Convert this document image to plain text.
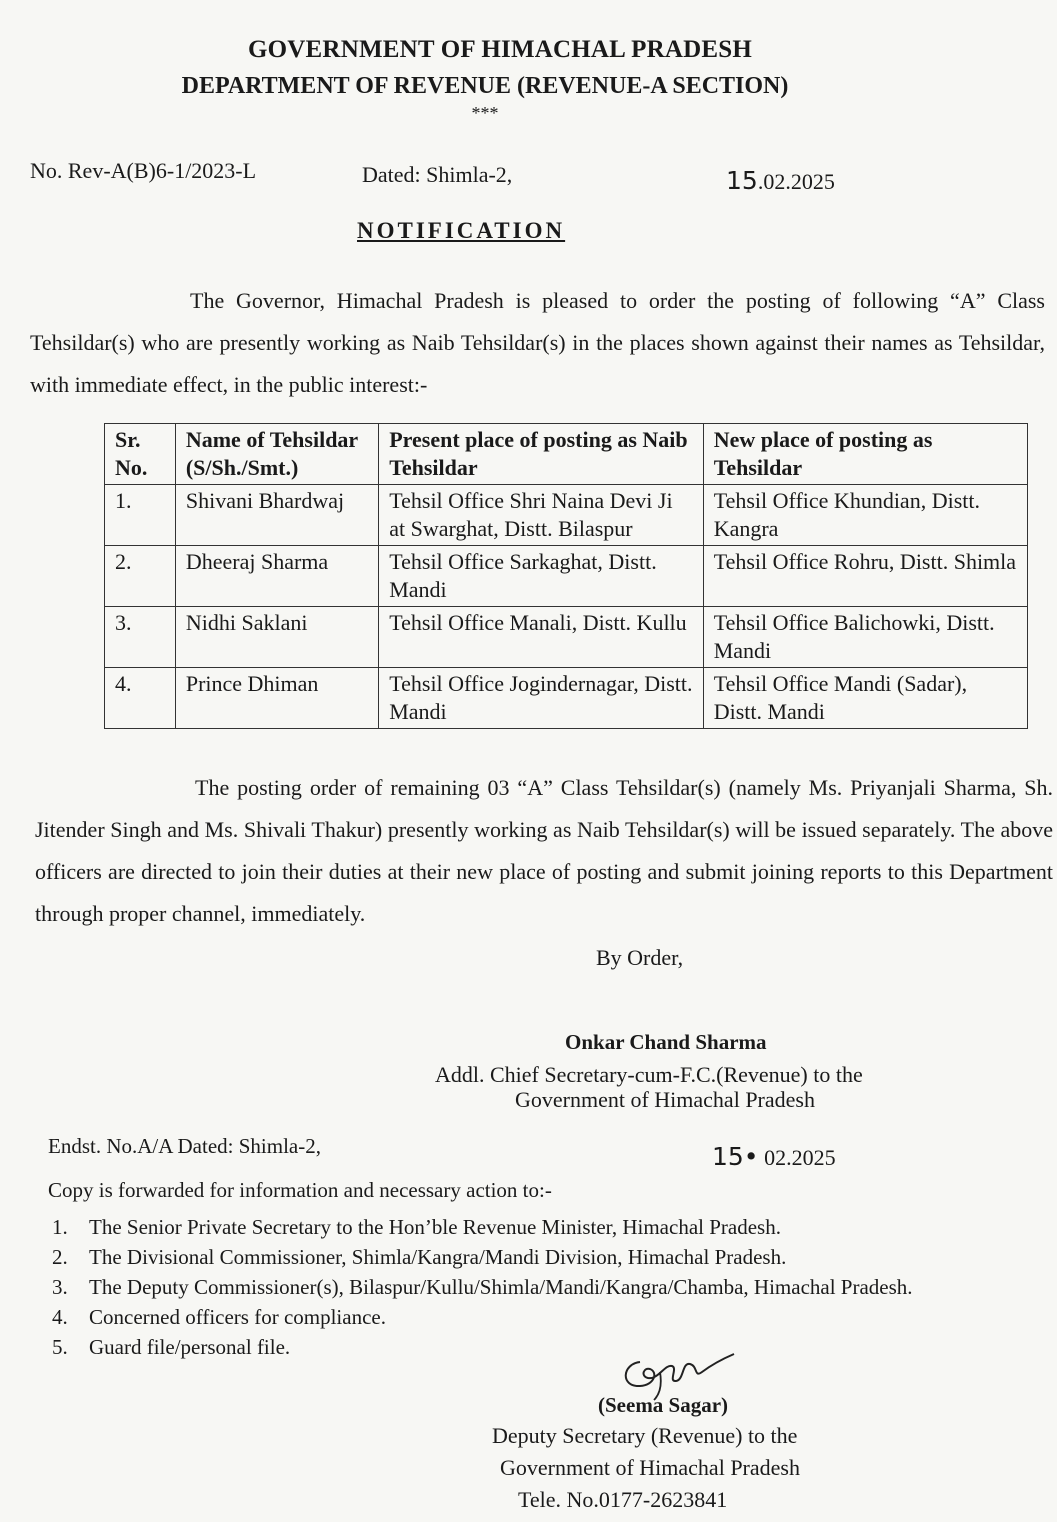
GOVERNMENT OF HIMACHAL PRADESH
DEPARTMENT OF REVENUE (REVENUE-A SECTION)
***
No. Rev-A(B)6-1/2023-L	Dated: Shimla-2,	15.02.2025
NOTIFICATION
The Governor, Himachal Pradesh is pleased to order the posting of following “A” Class Tehsildar(s) who are presently working as Naib Tehsildar(s) in the places shown against their names as Tehsildar, with immediate effect, in the public interest:-
Sr. No.	Name of Tehsildar (S/Sh./Smt.)	Present place of posting as Naib Tehsildar	New place of posting as Tehsildar
1.	Shivani Bhardwaj	Tehsil Office Shri Naina Devi Ji at Swarghat, Distt. Bilaspur	Tehsil Office Khundian, Distt. Kangra
2.	Dheeraj Sharma	Tehsil Office Sarkaghat, Distt. Mandi	Tehsil Office Rohru, Distt. Shimla
3.	Nidhi Saklani	Tehsil Office Manali, Distt. Kullu	Tehsil Office Balichowki, Distt. Mandi
4.	Prince Dhiman	Tehsil Office Jogindernagar, Distt. Mandi	Tehsil Office Mandi (Sadar), Distt. Mandi
The posting order of remaining 03 “A” Class Tehsildar(s) (namely Ms. Priyanjali Sharma, Sh. Jitender Singh and Ms. Shivali Thakur) presently working as Naib Tehsildar(s) will be issued separately. The above officers are directed to join their duties at their new place of posting and submit joining reports to this Department through proper channel, immediately.
By Order,
Onkar Chand Sharma
Addl. Chief Secretary-cum-F.C.(Revenue) to the
Government of Himachal Pradesh
Endst. No.A/A Dated: Shimla-2,	15• 02.2025
Copy is forwarded for information and necessary action to:-
1. The Senior Private Secretary to the Hon’ble Revenue Minister, Himachal Pradesh.
2. The Divisional Commissioner, Shimla/Kangra/Mandi Division, Himachal Pradesh.
3. The Deputy Commissioner(s), Bilaspur/Kullu/Shimla/Mandi/Kangra/Chamba, Himachal Pradesh.
4. Concerned officers for compliance.
5. Guard file/personal file.
(Seema Sagar)
Deputy Secretary (Revenue) to the
Government of Himachal Pradesh
Tele. No.0177-2623841
